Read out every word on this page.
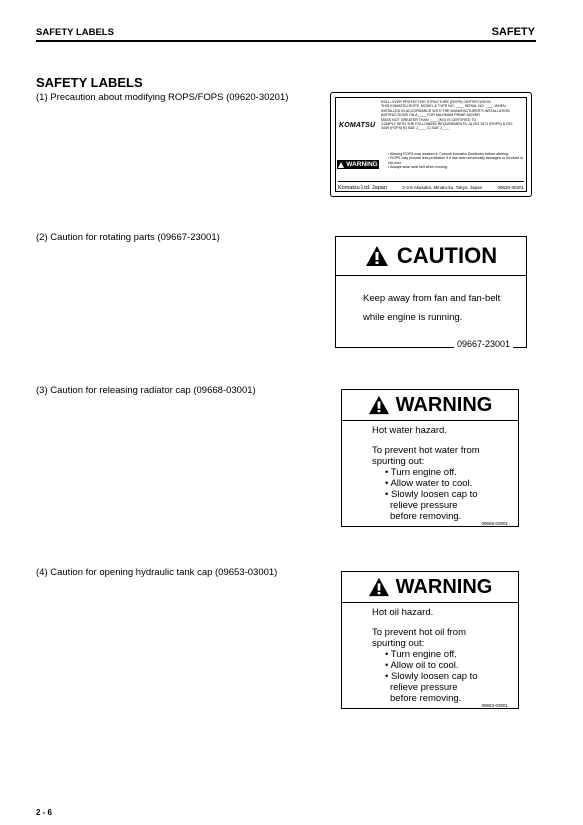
SAFETY LABELS	SAFETY
SAFETY LABELS
(1) Precaution about modifying ROPS/FOPS (09620-30201)
(2) Caution for rotating parts (09667-23001)
(3) Caution for releasing radiator cap (09668-03001)
(4) Caution for opening hydraulic tank cap (09653-03001)
ROLL-OVER PROTECTIVE STRUCTURE (ROPS) CERTIFICATION
THIS KOMATSU ROPS, MODEL & TYPE NO. ____ SERIAL NO. ____ WHEN
INSTALLED IN ACCORDANCE WITH THE MANUFACTURER'S INSTALLATION
INSTRUCTIONS ON A ____ FOR MAXIMUM PRIME MOVER
MASS NOT GREATER THAN ____ (KG) IS CERTIFIED TO
COMPLY WITH THE FOLLOWING REQUIREMENTS: A) ISO 3471 (ROPS) & ISO
3449 (FOPS) B) SAE J____ C) SAE J____
KOMATSU
WARNING
• Altering ROPS may weaken it. Consult Komatsu Distributor before altering.
• ROPS may provide less protection if it has been structurally damaged or involved in roll-over.
• Always wear seat belt when moving.
Komatsu Ltd. Japan	2-3-6 Akasaka, Minato-ku, Tokyo, Japan	09620-30201
CAUTION
Keep away from fan and fan-belt
while engine is running.
09667-23001
WARNING
Hot water hazard.
To prevent hot water from
spurting out:
• Turn engine off.
• Allow water to cool.
• Slowly loosen cap to
relieve pressure
before removing.
09668-03001
WARNING
Hot oil hazard.
To prevent hot oil from
spurting out:
• Turn engine off.
• Allow oil to cool.
• Slowly loosen cap to
relieve pressure
before removing.
09653-03001
2 - 6
